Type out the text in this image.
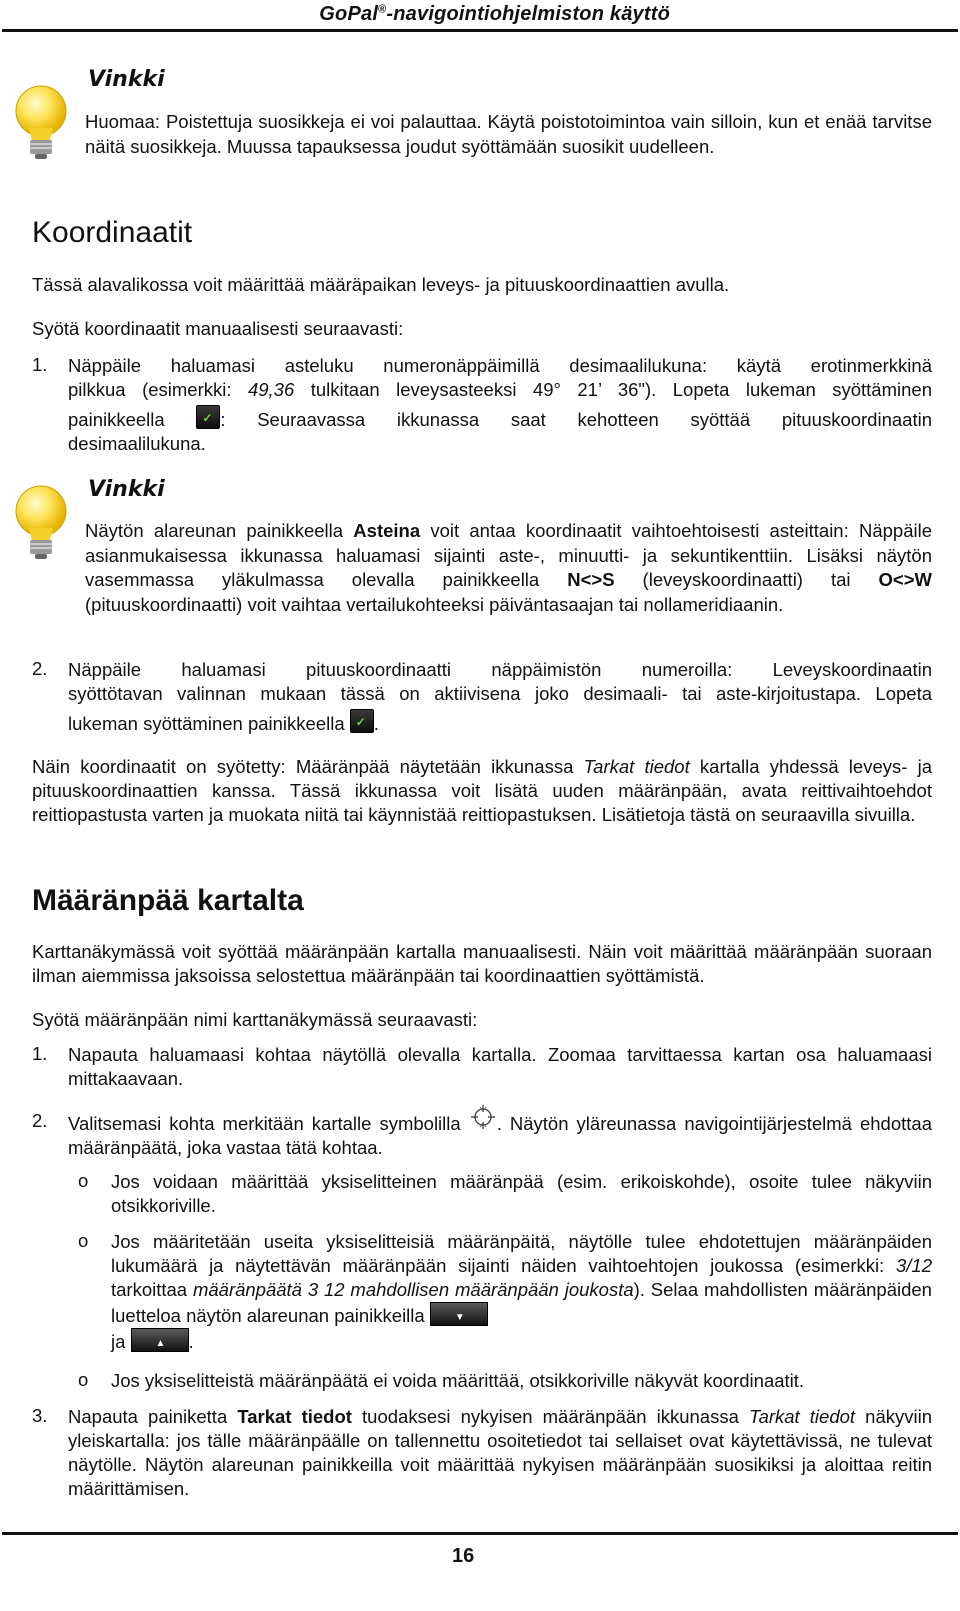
GoPal®-navigointiohjelmiston käyttö
Vinkki
Huomaa: Poistettuja suosikkeja ei voi palauttaa. Käytä poistotoimintoa vain silloin, kun et enää tarvitse näitä suosikkeja. Muussa tapauksessa joudut syöttämään suosikit uudelleen.
Koordinaatit
Tässä alavalikossa voit määrittää määräpaikan leveys- ja pituuskoordinaattien avulla.
Syötä koordinaatit manuaalisesti seuraavasti:
1.	Näppäile haluamasi asteluku numeronäppäimillä desimaalilukuna: käytä erotinmerkkinä
pilkkua (esimerkki: 49,36 tulkitaan leveysasteeksi 49° 21’ 36"). Lopeta lukeman syöttäminen
painikkeella ✓: Seuraavassa ikkunassa saat kehotteen syöttää pituuskoordinaatin
desimaalilukuna.
Vinkki
Näytön alareunan painikkeella Asteina voit antaa koordinaatit vaihtoehtoisesti asteittain: Näppäile asianmukaisessa ikkunassa haluamasi sijainti aste-, minuutti- ja sekuntikenttiin. Lisäksi näytön vasemmassa yläkulmassa olevalla painikkeella N<>S (leveyskoordinaatti) tai O<>W (pituuskoordinaatti) voit vaihtaa vertailukohteeksi päiväntasaajan tai nollameridiaanin.
2.	Näppäile haluamasi pituuskoordinaatti näppäimistön numeroilla: Leveyskoordinaatin
syöttötavan valinnan mukaan tässä on aktiivisena joko desimaali- tai aste-kirjoitustapa. Lopeta
lukeman syöttäminen painikkeella ✓.
Näin koordinaatit on syötetty: Määränpää näytetään ikkunassa Tarkat tiedot kartalla yhdessä leveys- ja pituuskoordinaattien kanssa. Tässä ikkunassa voit lisätä uuden määränpään, avata reittivaihtoehdot reittiopastusta varten ja muokata niitä tai käynnistää reittiopastuksen. Lisätietoja tästä on seuraavilla sivuilla.
Määränpää kartalta
Karttanäkymässä voit syöttää määränpään kartalla manuaalisesti. Näin voit määrittää määränpään suoraan ilman aiemmissa jaksoissa selostettua määränpään tai koordinaattien syöttämistä.
Syötä määränpään nimi karttanäkymässä seuraavasti:
1.	Napauta haluamaasi kohtaa näytöllä olevalla kartalla. Zoomaa tarvittaessa kartan osa haluamaasi mittakaavaan.
2.	Valitsemasi kohta merkitään kartalle symbolilla . Näytön yläreunassa navigointijärjestelmä ehdottaa määränpäätä, joka vastaa tätä kohtaa.
o	Jos voidaan määrittää yksiselitteinen määränpää (esim. erikoiskohde), osoite tulee näkyviin otsikkoriville.
o	Jos määritetään useita yksiselitteisiä määränpäitä, näytölle tulee ehdotettujen määränpäiden lukumäärä ja näytettävän määränpään sijainti näiden vaihtoehtojen joukossa (esimerkki: 3/12 tarkoittaa määränpäätä 3 12 mahdollisen määränpään joukosta). Selaa mahdollisten määränpäiden luetteloa näytön alareunan painikkeilla	▼

ja	▲ .
o	Jos yksiselitteistä määränpäätä ei voida määrittää, otsikkoriville näkyvät koordinaatit.
3.	Napauta painiketta Tarkat tiedot tuodaksesi nykyisen määränpään ikkunassa Tarkat tiedot näkyviin yleiskartalla: jos tälle määränpäälle on tallennettu osoitetiedot tai sellaiset ovat käytettävissä, ne tulevat näytölle. Näytön alareunan painikkeilla voit määrittää nykyisen määränpään suosikiksi ja aloittaa reitin määrittämisen.
16
